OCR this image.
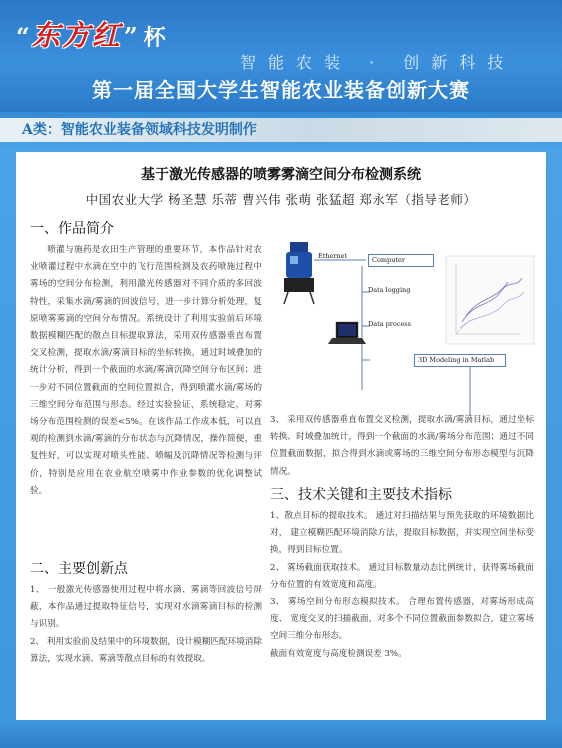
“ 东方红 ” 杯
智能农装 · 创新科技
第一届全国大学生智能农业装备创新大赛
A类：智能农业装备领域科技发明制作
基于激光传感器的喷雾雾滴空间分布检测系统
中国农业大学 杨圣慧 乐蒂 曹兴伟 张萌 张猛超 郑永军（指导老师）
一、作品简介
喷灌与施药是农田生产管理的重要环节，本作品针对农业喷灌过程中水滴在空中的飞行范围检测及农药喷施过程中雾场的空间分布检测，利用激光传感器对不同介质的多回波特性，采集水滴/雾滴的回波信号，进一步计算分析处理，复原喷雾雾滴的空间分布情况。系统设计了利用实验前后环境数据模糊匹配的散点目标提取算法，采用双传感器垂直布置交叉检测，提取水滴/雾滴目标的坐标转换，通过时域叠加的统计分析，得到一个截面的水滴/雾滴沉降空间分布区间；进一步对不同位置截面的空间位置拟合，得到喷灌水滴/雾场的三维空间分布范围与形态。经过实验验证，系统稳定，对雾场分布范围检测的误差<5%。在该作品工作成本低，可以直观的检测到水滴/雾滴的分布状态与沉降情况，操作简便，重复性好，可以实现对喷头性能、喷幅及沉降情况等检测与评价，特别是应用在农业航空喷雾中作业参数的优化调整试验。
二、主要创新点

1、 一般激光传感器使用过程中将水滴、雾滴等回波信号屏蔽，本作品通过提取特征信号，实现对水滴雾滴目标的检测与识别。

2、 利用实验前及结果中的环境数据，设计模糊匹配环境消除算法，实现水滴、雾滴等散点目标的有效提取。

Ethernet	Computer
Data logging
Data process
3D Modeling in Matlab
3、 采用双传感器垂直布置交叉检测，提取水滴/雾滴目标，通过坐标转换、时域叠加统计，得到一个截面的水滴/雾场分布范围；通过不同位置截面数据，拟合得到水滴或雾场的三维空间分布形态模型与沉降情况。
三、技术关键和主要技术指标

1、散点目标的提取技术。 通过对扫描结果与预先获取的环境数据比对， 建立模糊匹配环境消除方法，提取目标数据，并实现空间坐标变换，得到目标位置。

2、 雾场截面获取技术。 通过目标数量动态比例统计，获得雾场截面分布位置的有效宽度和高度。

3、 雾场空间分布形态模拟技术。 合理布置传感器，对雾场形成高度、 宽度交叉的扫描截面，对多个不同位置截面参数拟合，建立雾场空间三维分布形态。

截面有效宽度与高度检测误差 3%。
